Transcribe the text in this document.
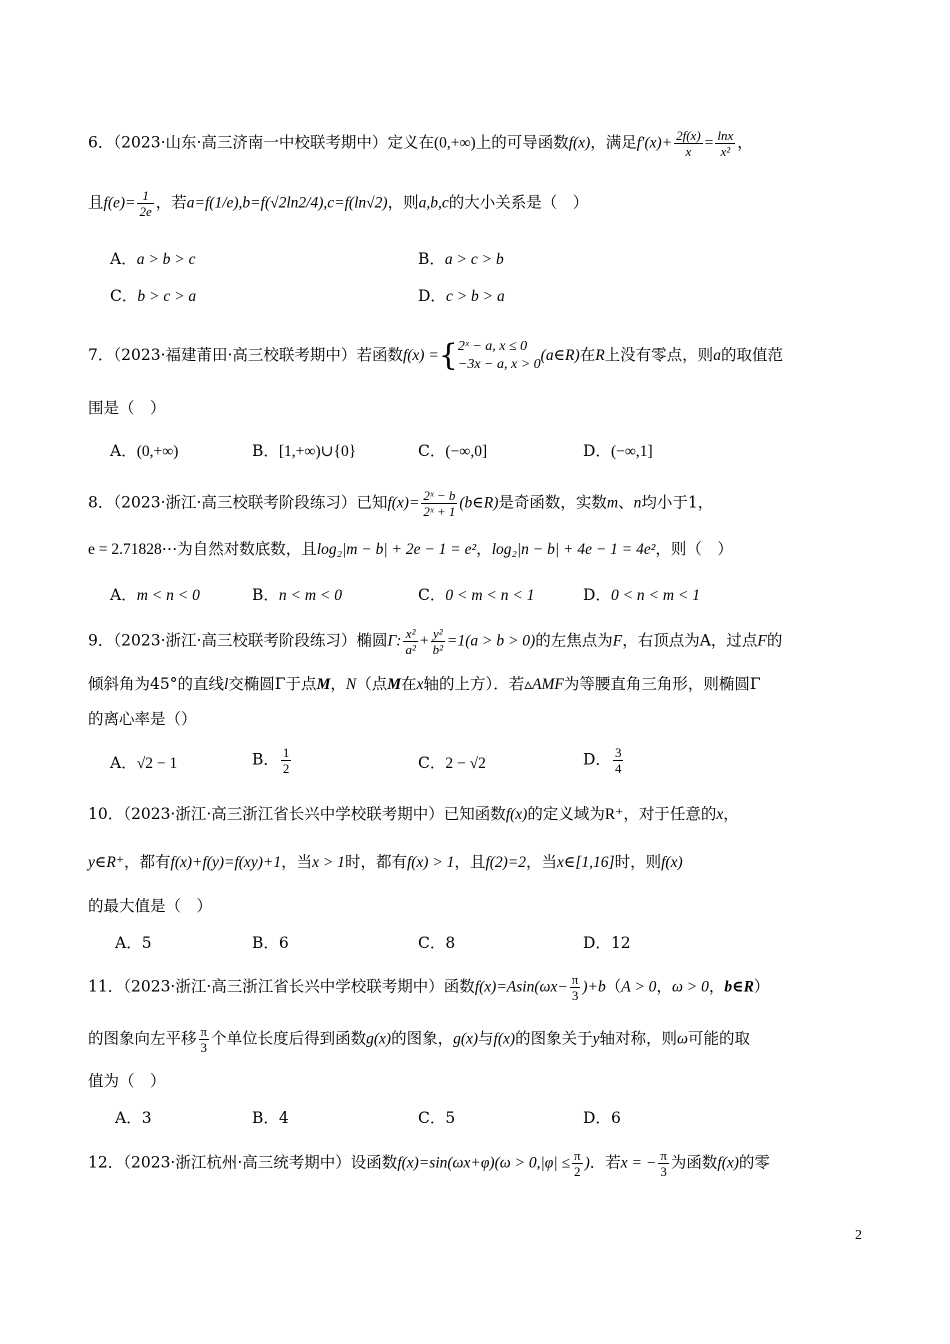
6．（2023·山东·高三济南一中校联考期中）定义在(0,+∞)上的可导函数f(x)，满足$f'(x)+ \frac{2f(x)}{x} = \frac{\ln x}{\text{x²}}$ ，
且$f(e)= \frac{1}{2e}$ ，若a=f(1/e),b=f(√2ln2/4),c=f(ln√2)，则a,b,c的大小关系是（　）
A．a > b > c	B．a > c > b
C．b > c > a	D．c > b > a
7．（2023·福建莆田·高三校联考期中）若函数f(x) ={ 2ˣ − a, x ≤ 0
−3x − a, x > 0
(a∈R)在R上没有零点，则a的取值范
围是（　）
A．(0,+∞)	B．[1,+∞)∪{0}	C．(−∞,0]	D．(−∞,1]
8．（2023·浙江·高三校联考阶段练习）已知$f(x)= \frac{\text{2ˣ − b}}{\text{2ˣ + 1}}$ (b∈R)是奇函数，实数m、n均小于1，
e = 2.71828⋯为自然对数底数，且log₂|m − b| + 2e − 1 = e²，log₂|n − b| + 4e − 1 = 4e²，则（　）
A．m < n < 0	B．n < m < 0	C．0 < m < n < 1	D．0 < n < m < 1
9．（2023·浙江·高三校联考阶段练习）椭圆Γ: $\frac{\text{x²}}{\text{a²}} + \frac{\text{y²}}{\text{b²}} =1(a > b > 0)$的左焦点为F，右顶点为A，过点F的
倾斜角为45°的直线l交椭圆Γ于点M，N（点M在x轴的上方）．若▵AMF为等腰直角三角形，则椭圆Γ
的离心率是（）
A．√2 − 1	B． $\frac{1}{2}$	C．2 − √2	D． $\frac{3}{4}$
10．（2023·浙江·高三浙江省长兴中学校联考期中）已知函数f(x)的定义域为R⁺，对于任意的x，
y∈R⁺，都有f(x)+f(y)=f(xy)+1，当x > 1时，都有f(x) > 1，且f(2)=2，当x∈[1,16]时，则f(x)
的最大值是（　）
A．5	B．6	C．8	D．12
11．（2023·浙江·高三浙江省长兴中学校联考期中）函数$f(x)=Asin(\omega x- \frac{\pi}{3} )+b(A > 0$，ω > 0，b∈R）
的图象向左平移 $\frac{\pi}{3}$ 个单位长度后得到函数g(x)的图象，g(x)与f(x)的图象关于y轴对称，则ω可能的取
值为（　）
A．3	B．4	C．5	D．6
12．（2023·浙江杭州·高三统考期中）设函数$f(x)=\sin(\omega x+\varphi)(\omega > 0,|\varphi| \le \frac{\pi}{2}$ )．若x = − $\frac{\pi}{3}$ 为函数f(x)的零
2
